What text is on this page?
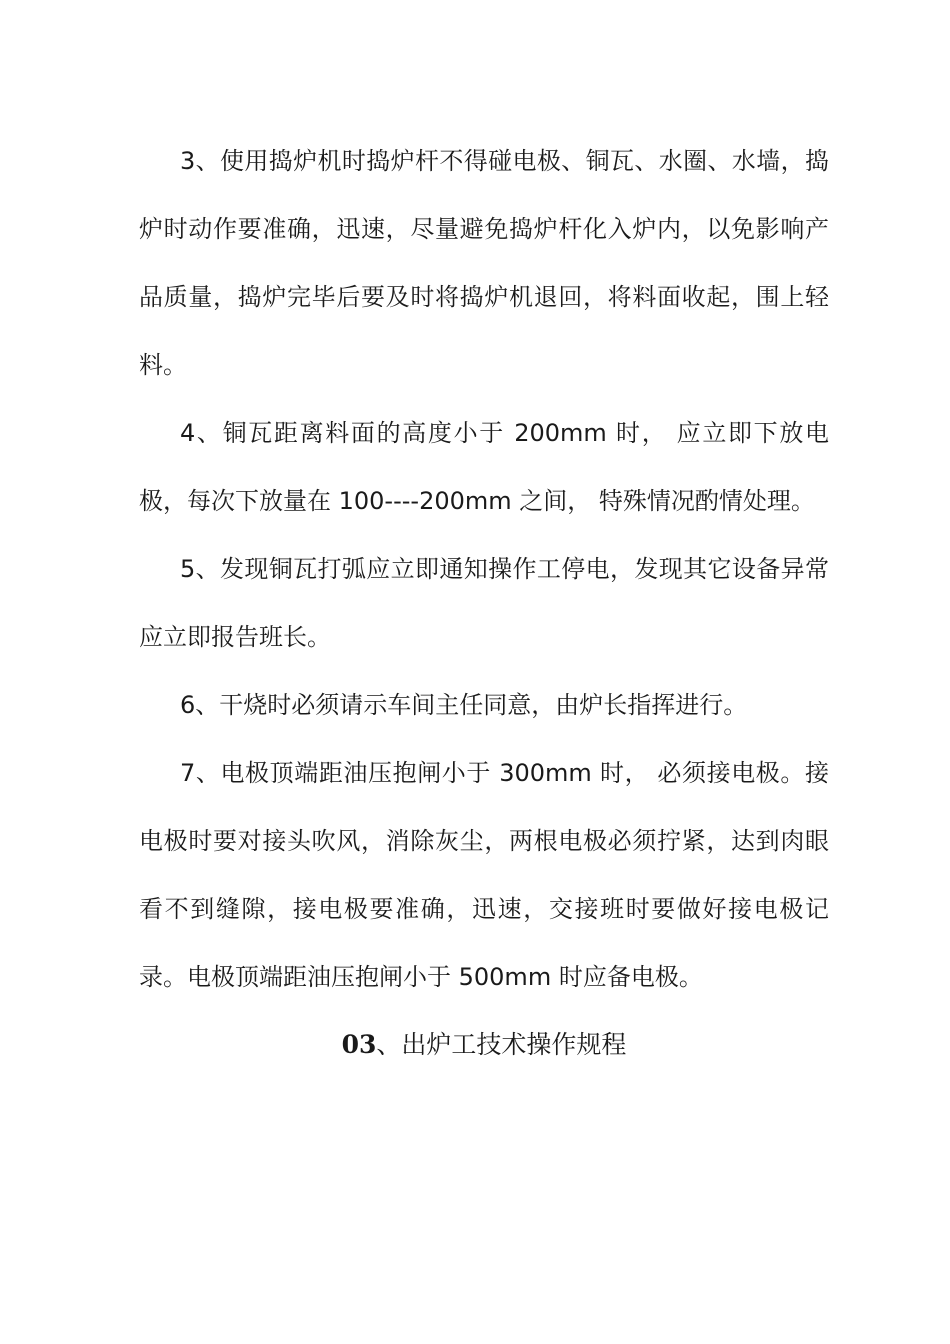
3、使用捣炉机时捣炉杆不得碰电极、铜瓦、水圈、水墙，捣炉时动作要准确，迅速，尽量避免捣炉杆化入炉内，以免影响产品质量，捣炉完毕后要及时将捣炉机退回，将料面收起，围上轻料。

4、铜瓦距离料面的高度小于 200mm 时， 应立即下放电极，每次下放量在 100----200mm 之间， 特殊情况酌情处理。

5、发现铜瓦打弧应立即通知操作工停电，发现其它设备异常应立即报告班长。

6、干烧时必须请示车间主任同意，由炉长指挥进行。

7、电极顶端距油压抱闸小于 300mm 时， 必须接电极。接电极时要对接头吹风，消除灰尘，两根电极必须拧紧，达到肉眼看不到缝隙，接电极要准确，迅速，交接班时要做好接电极记录。电极顶端距油压抱闸小于 500mm 时应备电极。

03、出炉工技术操作规程
